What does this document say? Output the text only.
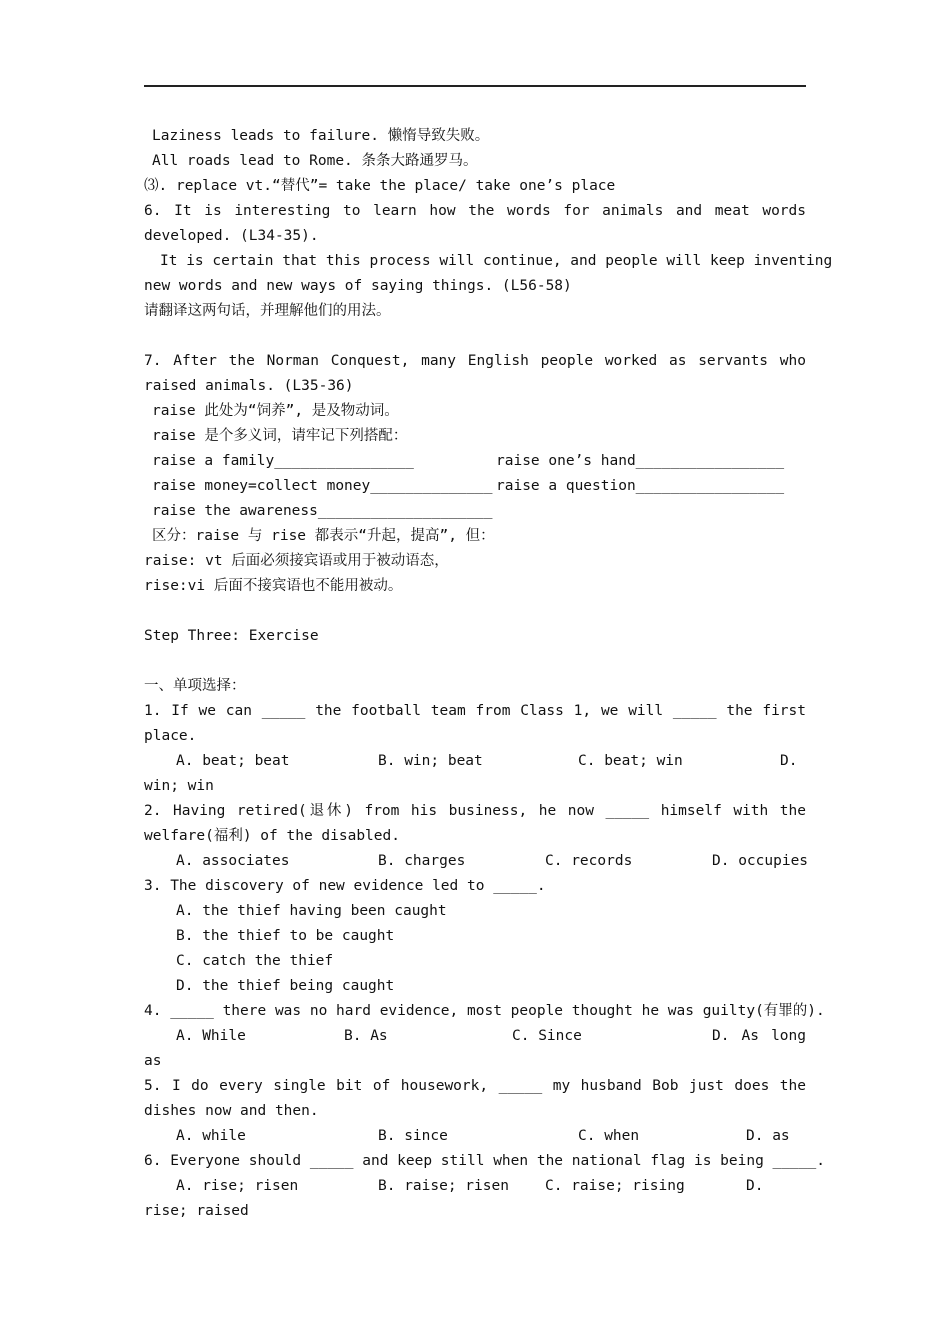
Laziness leads to failure. 懒惰导致失败。
All roads lead to Rome. 条条大路通罗马。
⑶. replace vt.“替代”= take the place/ take one’s place
6. It is interesting to learn how the words for animals and meat words
developed. (L34-35).
It is certain that this process will continue, and people will keep inventing
new words and new ways of saying things. (L56-58)
请翻译这两句话，并理解他们的用法。
7. After the Norman Conquest, many English people worked as servants who
raised animals. (L35-36)
raise 此处为“饲养”, 是及物动词。
raise 是个多义词，请牢记下列搭配：
raise a family________________	raise one’s hand_________________
raise money=collect money______________ raise a question_________________
raise the awareness____________________
区分：raise 与 rise 都表示“升起，提高”, 但：
raise: vt 后面必须接宾语或用于被动语态，
rise:vi 后面不接宾语也不能用被动。
Step Three: Exercise
一、单项选择：
1. If we can _____ the football team from Class 1, we will _____ the first
place.
A. beat; beat	B. win; beat	C. beat; win	D.
win; win
2. Having retired(退休) from his business, he now _____ himself with the
welfare(福利) of the disabled.
A. associates	B. charges	C. records	D. occupies
3. The discovery of new evidence led to _____.
A. the thief having been caught
B. the thief to be caught
C. catch the thief
D. the thief being caught
4. _____ there was no hard evidence, most people thought he was guilty(有罪的).
A. While	B. As	C. Since	D. As long
as
5. I do every single bit of housework, _____ my husband Bob just does the
dishes now and then.
A. while	B. since	C. when	D. as
6. Everyone should _____ and keep still when the national flag is being _____.
A. rise; risen	B. raise; risen C. raise; rising	D.
rise; raised
